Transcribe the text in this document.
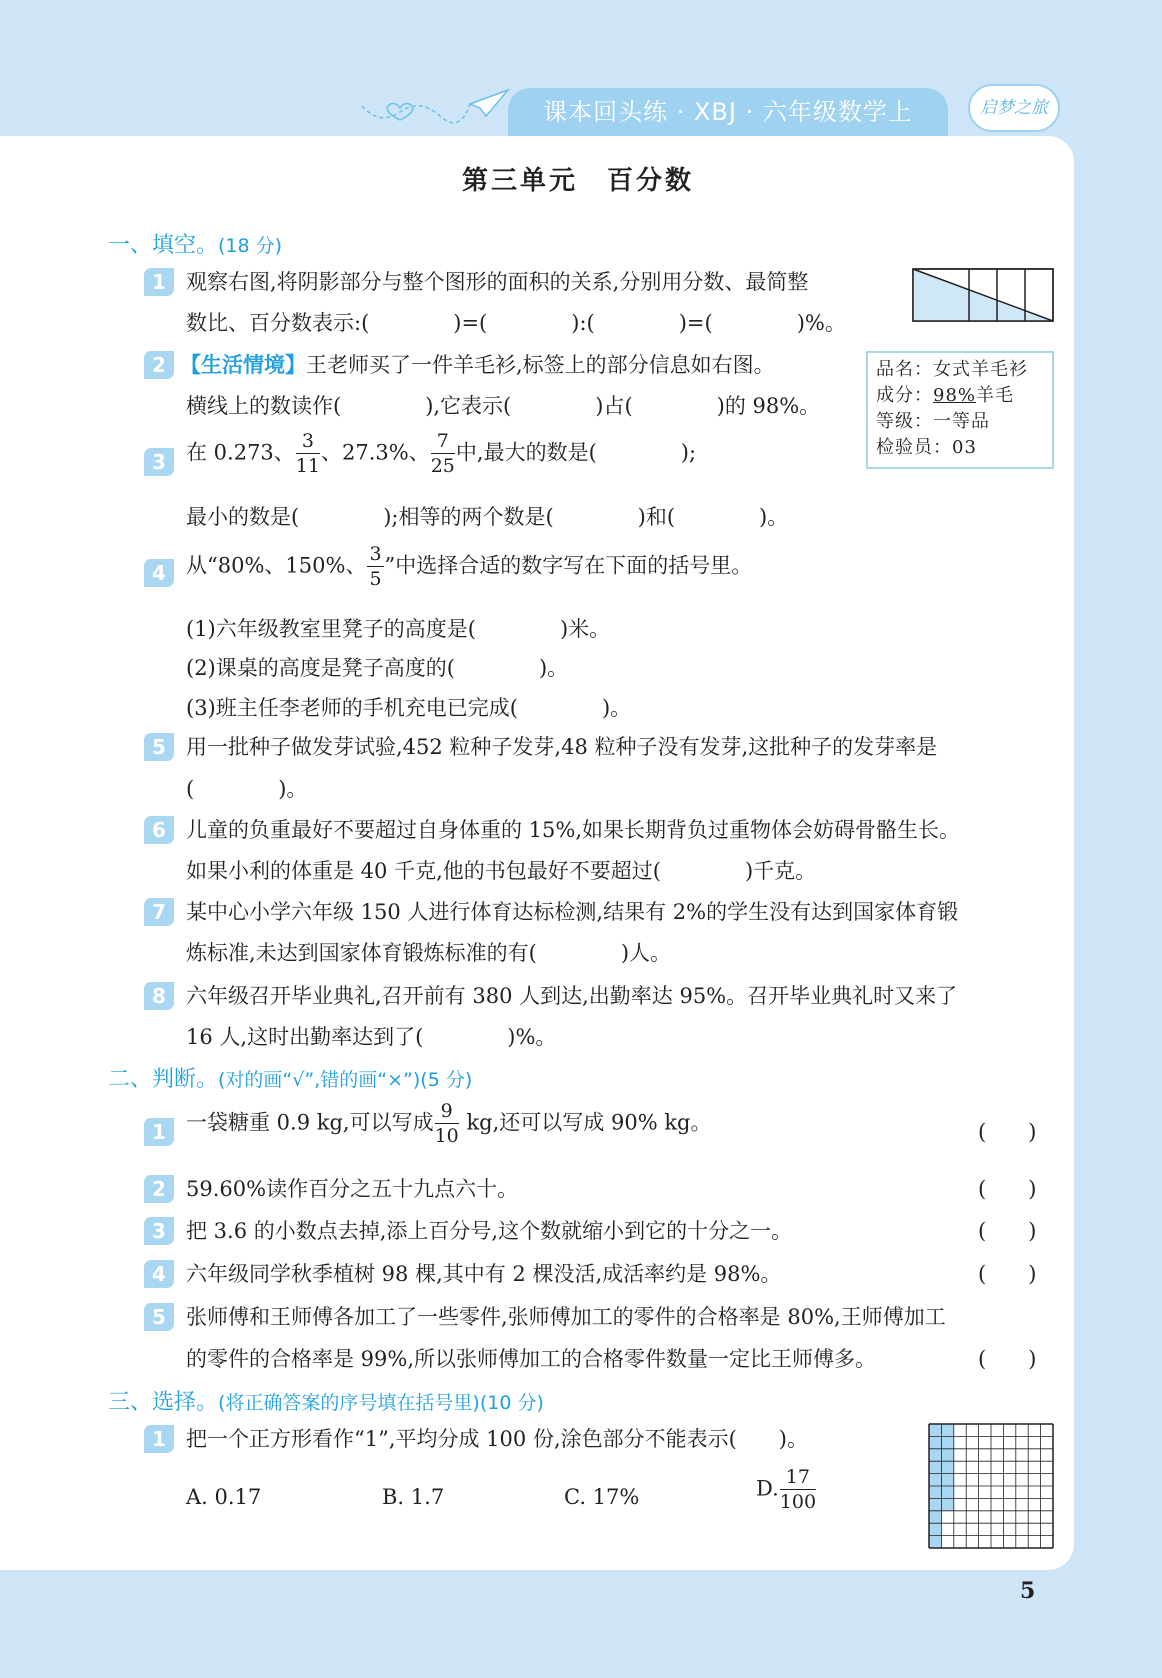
课本回头练 · XBJ · 六年级数学上	启梦之旅
第三单元　百分数
一、填空。(18 分)
1 观察右图,将阴影部分与整个图形的面积的关系,分别用分数、最简整
数比、百分数表示:(　　　　)=(　　　　):(　　　　)=(　　　　)%。
2 【生活情境】王老师买了一件羊毛衫,标签上的部分信息如右图。
横线上的数读作(　　　　),它表示(　　　　)占(　　　　)的 98%。
品名：女式羊毛衫
成分：98%羊毛
等级：一等品
检验员：03
3 在 0.273、 $\frac{3}{11}$ 、27.3%、 $\frac{7}{25}$ 中,最大的数是(　　　　);
最小的数是(　　　　);相等的两个数是(　　　　)和(　　　　)。
4 从“80%、150%、 $\frac{3}{5}$ ”中选择合适的数字写在下面的括号里。
(1)六年级教室里凳子的高度是(　　　　)米。
(2)课桌的高度是凳子高度的(　　　　)。
(3)班主任李老师的手机充电已完成(　　　　)。
5 用一批种子做发芽试验,452 粒种子发芽,48 粒种子没有发芽,这批种子的发芽率是
(　　　　)。
6 儿童的负重最好不要超过自身体重的 15%,如果长期背负过重物体会妨碍骨骼生长。
如果小利的体重是 40 千克,他的书包最好不要超过(　　　　)千克。
7 某中心小学六年级 150 人进行体育达标检测,结果有 2%的学生没有达到国家体育锻
炼标准,未达到国家体育锻炼标准的有(　　　　)人。
8 六年级召开毕业典礼,召开前有 380 人到达,出勤率达 95%。召开毕业典礼时又来了
16 人,这时出勤率达到了(　　　　)%。
二、判断。(对的画“√”,错的画“×”)(5 分)
1 一袋糖重 0.9 kg,可以写成 $\frac{9}{10}$ kg,还可以写成 90% kg。	(　　)
2 59.60%读作百分之五十九点六十。	(　　)
3 把 3.6 的小数点去掉,添上百分号,这个数就缩小到它的十分之一。	(　　)
4 六年级同学秋季植树 98 棵,其中有 2 棵没活,成活率约是 98%。	(　　)
5 张师傅和王师傅各加工了一些零件,张师傅加工的零件的合格率是 80%,王师傅加工
的零件的合格率是 99%,所以张师傅加工的合格零件数量一定比王师傅多。	(　　)
三、选择。(将正确答案的序号填在括号里)(10 分)
1 把一个正方形看作“1”,平均分成 100 份,涂色部分不能表示(　　)。
A. 0.17	B. 1.7	C. 17%	D. $\frac{17}{100}$
5
